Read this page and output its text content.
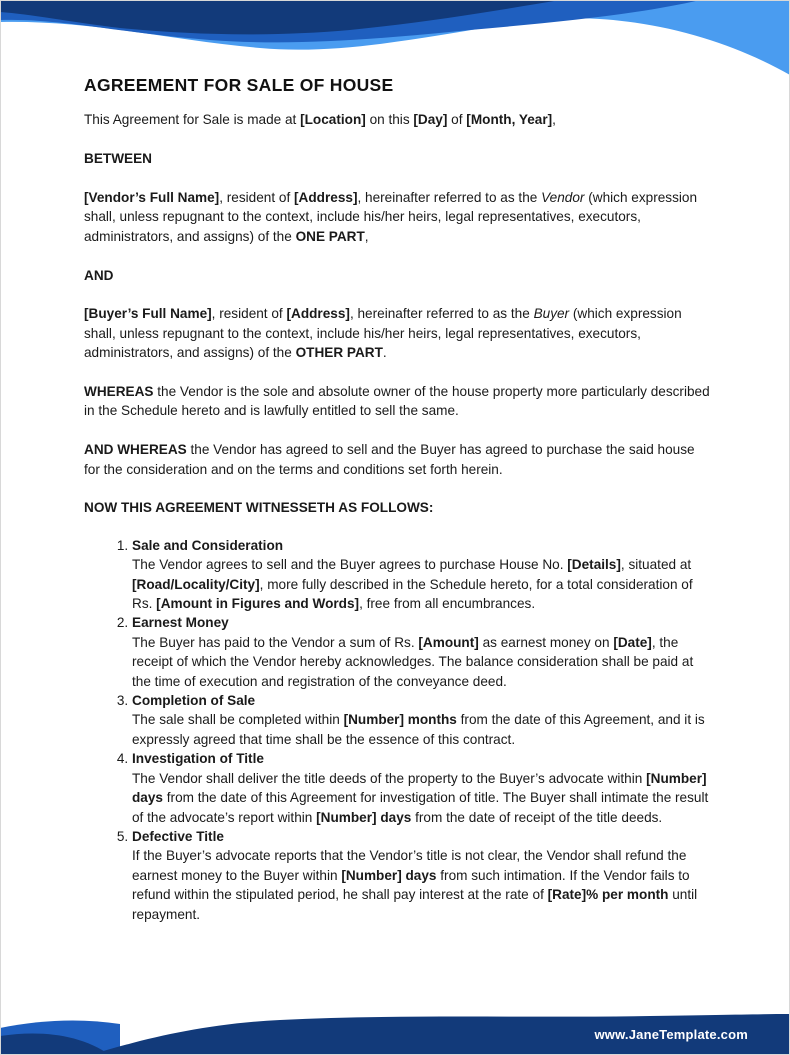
AGREEMENT FOR SALE OF HOUSE

This Agreement for Sale is made at [Location] on this [Day] of [Month, Year],

BETWEEN

[Vendor’s Full Name], resident of [Address], hereinafter referred to as the Vendor (which expression shall, unless repugnant to the context, include his/her heirs, legal representatives, executors, administrators, and assigns) of the ONE PART,

AND

[Buyer’s Full Name], resident of [Address], hereinafter referred to as the Buyer (which expression shall, unless repugnant to the context, include his/her heirs, legal representatives, executors, administrators, and assigns) of the OTHER PART.

WHEREAS the Vendor is the sole and absolute owner of the house property more particularly described in the Schedule hereto and is lawfully entitled to sell the same.

AND WHEREAS the Vendor has agreed to sell and the Buyer has agreed to purchase the said house for the consideration and on the terms and conditions set forth herein.

NOW THIS AGREEMENT WITNESSETH AS FOLLOWS:

1. Sale and Consideration
The Vendor agrees to sell and the Buyer agrees to purchase House No. [Details], situated at [Road/Locality/City], more fully described in the Schedule hereto, for a total consideration of Rs. [Amount in Figures and Words], free from all encumbrances.
2. Earnest Money
The Buyer has paid to the Vendor a sum of Rs. [Amount] as earnest money on [Date], the receipt of which the Vendor hereby acknowledges. The balance consideration shall be paid at the time of execution and registration of the conveyance deed.
3. Completion of Sale
The sale shall be completed within [Number] months from the date of this Agreement, and it is expressly agreed that time shall be the essence of this contract.
4. Investigation of Title
The Vendor shall deliver the title deeds of the property to the Buyer’s advocate within [Number] days from the date of this Agreement for investigation of title. The Buyer shall intimate the result of the advocate’s report within [Number] days from the date of receipt of the title deeds.
5. Defective Title
If the Buyer’s advocate reports that the Vendor’s title is not clear, the Vendor shall refund the earnest money to the Buyer within [Number] days from such intimation. If the Vendor fails to refund within the stipulated period, he shall pay interest at the rate of [Rate]% per month until repayment.
www.JaneTemplate.com
